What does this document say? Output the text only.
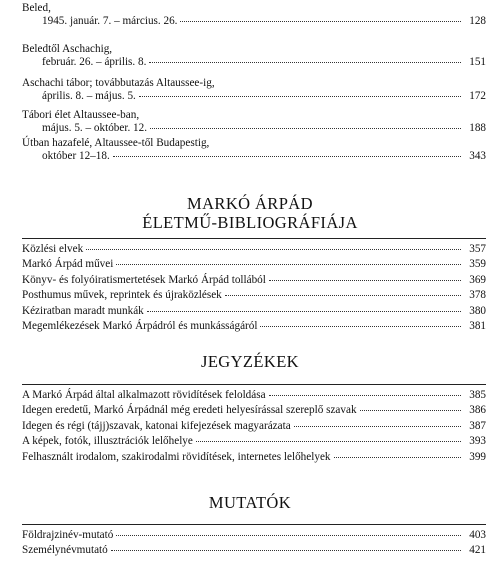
Beled,
1945. január. 7. – március. 26.	128
Beledtől Aschachig,
február. 26. – április. 8.	151
Aschachi tábor; továbbutazás Altaussee-ig,
április. 8. – május. 5.	172
Tábori élet Altaussee-ban,
május. 5. – október. 12.	188
Útban hazafelé, Altaussee-től Budapestig,
október 12–18.	343
MARKÓ ÁRPÁD
ÉLETMŰ-BIBLIOGRÁFIÁJA
Közlési elvek	357
Markó Árpád művei	359
Könyv- és folyóiratismertetések Markó Árpád tollából	369
Posthumus művek, reprintek és újraközlések	378
Kéziratban maradt munkák	380
Megemlékezések Markó Árpádról és munkásságáról	381
JEGYZÉKEK
A Markó Árpád által alkalmazott rövidítések feloldása	385
Idegen eredetű, Markó Árpádnál még eredeti helyesírással szereplő szavak	386
Idegen és régi (tájj)szavak, katonai kifejezések magyarázata	387
A képek, fotók, illusztrációk lelőhelye	393
Felhasznált irodalom, szakirodalmi rövidítések, internetes lelőhelyek	399
MUTATÓK
Földrajzinév-mutató	403
Személynévmutató	421
